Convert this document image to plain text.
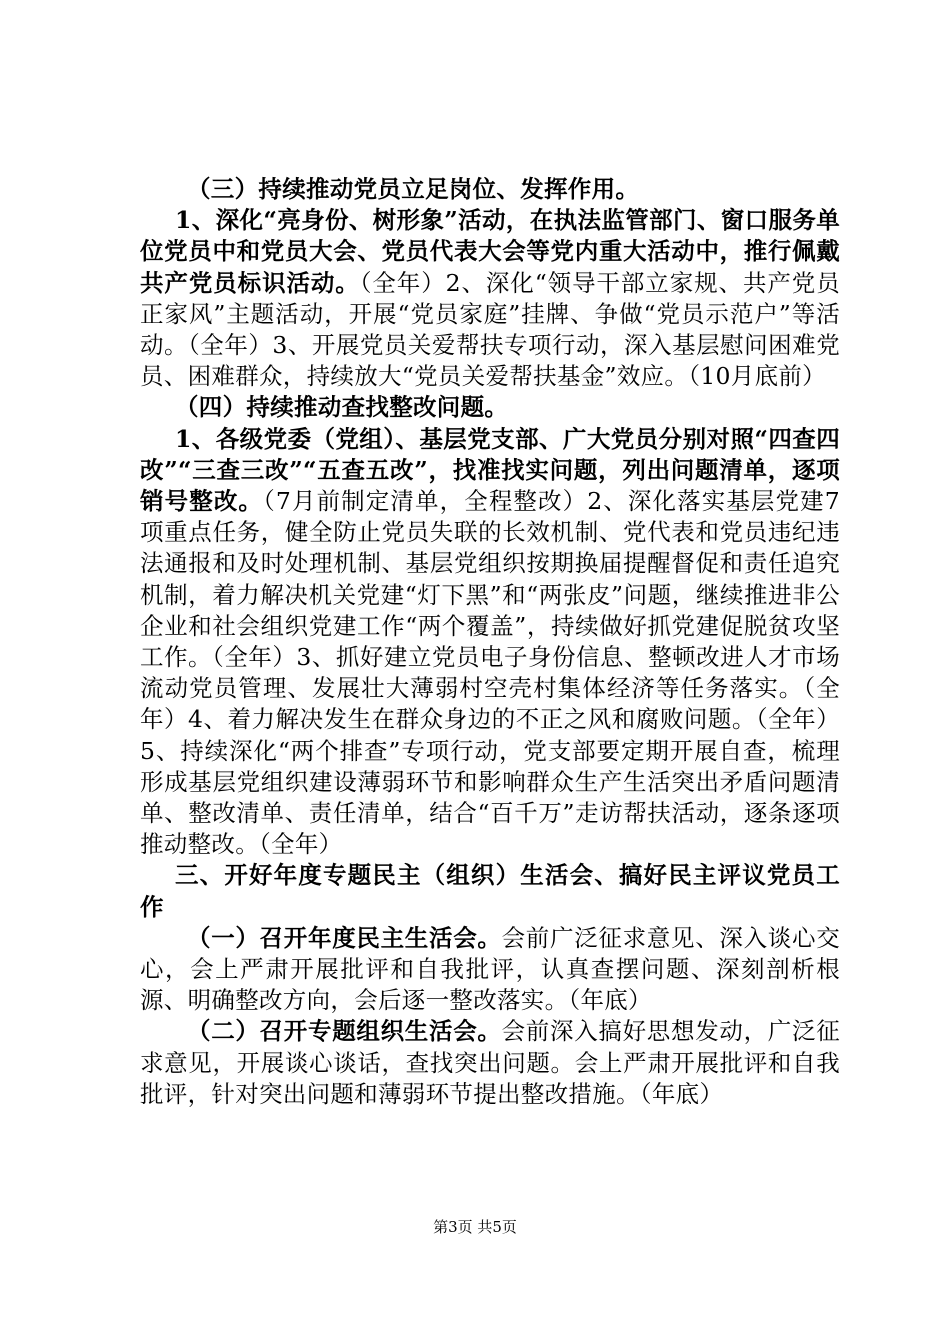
（三）持续推动党员立足岗位、发挥作用。

1、深化“亮身份、树形象”活动，在执法监管部门、窗口服务单位党员中和党员大会、党员代表大会等党内重大活动中，推行佩戴共产党员标识活动。（全年）2、深化“领导干部立家规、共产党员正家风”主题活动，开展“党员家庭”挂牌、争做“党员示范户”等活动。（全年）3、开展党员关爱帮扶专项行动，深入基层慰问困难党员、困难群众，持续放大“党员关爱帮扶基金”效应。（10月底前）

（四）持续推动查找整改问题。

1、各级党委（党组）、基层党支部、广大党员分别对照“四查四改”“三查三改”“五查五改”，找准找实问题，列出问题清单，逐项销号整改。（7月前制定清单，全程整改）2、深化落实基层党建7项重点任务，健全防止党员失联的长效机制、党代表和党员违纪违法通报和及时处理机制、基层党组织按期换届提醒督促和责任追究机制，着力解决机关党建“灯下黑”和“两张皮”问题，继续推进非公企业和社会组织党建工作“两个覆盖”，持续做好抓党建促脱贫攻坚工作。（全年）3、抓好建立党员电子身份信息、整顿改进人才市场流动党员管理、发展壮大薄弱村空壳村集体经济等任务落实。（全年）4、着力解决发生在群众身边的不正之风和腐败问题。（全年）5、持续深化“两个排查”专项行动，党支部要定期开展自查，梳理形成基层党组织建设薄弱环节和影响群众生产生活突出矛盾问题清单、整改清单、责任清单，结合“百千万”走访帮扶活动，逐条逐项推动整改。（全年）

三、开好年度专题民主（组织）生活会、搞好民主评议党员工作

（一）召开年度民主生活会。会前广泛征求意见、深入谈心交心，会上严肃开展批评和自我批评，认真查摆问题、深刻剖析根源、明确整改方向，会后逐一整改落实。（年底）

（二）召开专题组织生活会。会前深入搞好思想发动，广泛征求意见，开展谈心谈话，查找突出问题。会上严肃开展批评和自我批评，针对突出问题和薄弱环节提出整改措施。（年底）

第3页 共5页
